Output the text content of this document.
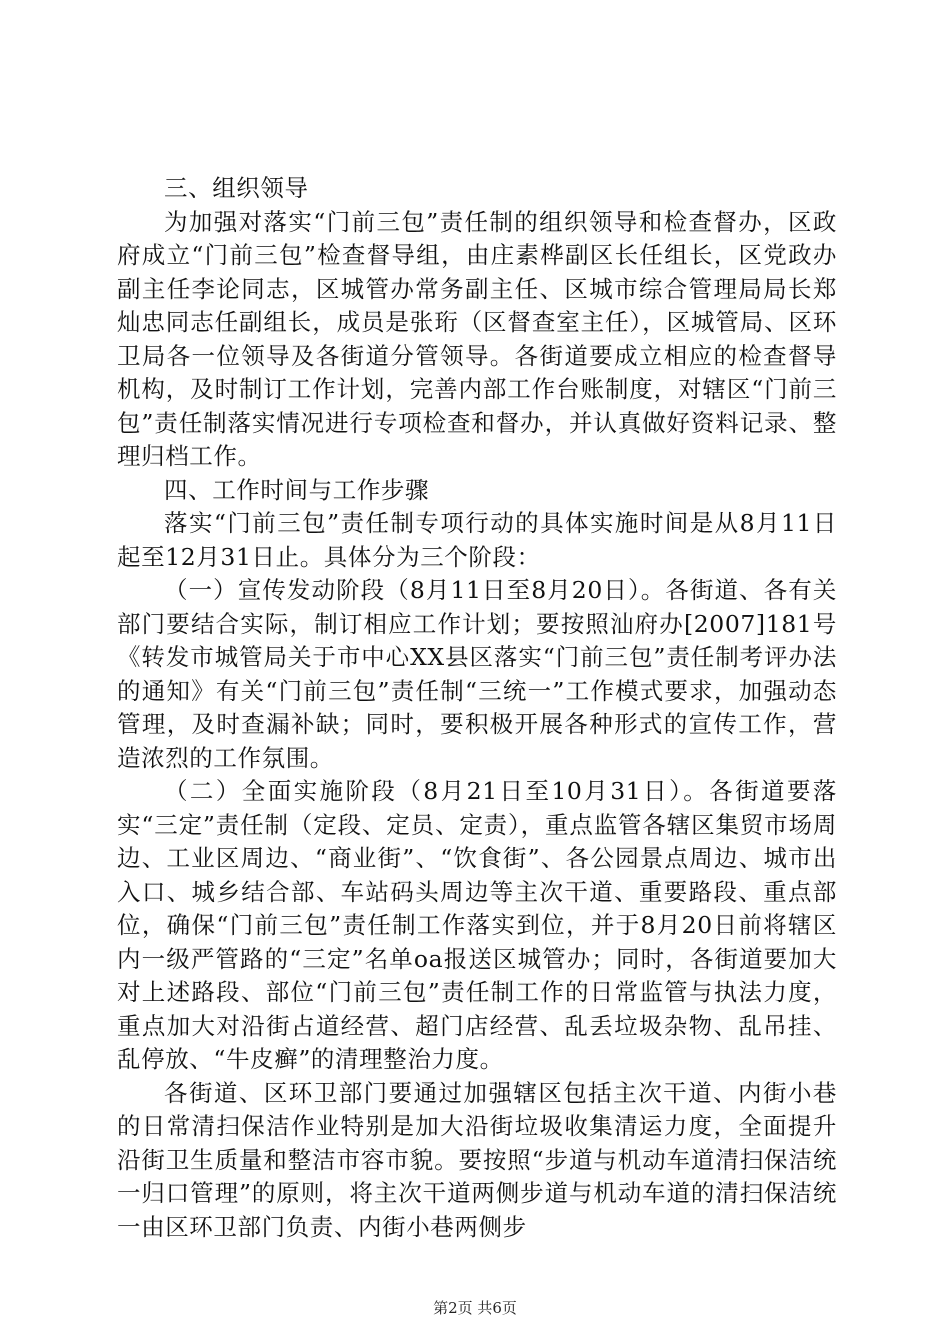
三、组织领导

为加强对落实“门前三包”责任制的组织领导和检查督办，区政府成立“门前三包”检查督导组，由庄素桦副区长任组长，区党政办副主任李论同志，区城管办常务副主任、区城市综合管理局局长郑灿忠同志任副组长，成员是张珩（区督查室主任），区城管局、区环卫局各一位领导及各街道分管领导。各街道要成立相应的检查督导机构，及时制订工作计划，完善内部工作台账制度，对辖区“门前三包”责任制落实情况进行专项检查和督办，并认真做好资料记录、整理归档工作。

四、工作时间与工作步骤

落实“门前三包”责任制专项行动的具体实施时间是从8月11日起至12月31日止。具体分为三个阶段：

（一）宣传发动阶段（8月11日至8月20日）。各街道、各有关部门要结合实际，制订相应工作计划；要按照汕府办[2007]181号《转发市城管局关于市中心XX县区落实“门前三包”责任制考评办法的通知》有关“门前三包”责任制“三统一”工作模式要求，加强动态管理，及时查漏补缺；同时，要积极开展各种形式的宣传工作，营造浓烈的工作氛围。

（二）全面实施阶段（8月21日至10月31日）。各街道要落实“三定”责任制（定段、定员、定责），重点监管各辖区集贸市场周边、工业区周边、“商业街”、“饮食街”、各公园景点周边、城市出入口、城乡结合部、车站码头周边等主次干道、重要路段、重点部位，确保“门前三包”责任制工作落实到位，并于8月20日前将辖区内一级严管路的“三定”名单oa报送区城管办；同时，各街道要加大对上述路段、部位“门前三包”责任制工作的日常监管与执法力度，重点加大对沿街占道经营、超门店经营、乱丢垃圾杂物、乱吊挂、乱停放、“牛皮癣”的清理整治力度。

各街道、区环卫部门要通过加强辖区包括主次干道、内街小巷的日常清扫保洁作业特别是加大沿街垃圾收集清运力度，全面提升沿街卫生质量和整洁市容市貌。要按照“步道与机动车道清扫保洁统一归口管理”的原则，将主次干道两侧步道与机动车道的清扫保洁统一由区环卫部门负责、内街小巷两侧步

第2页 共6页
